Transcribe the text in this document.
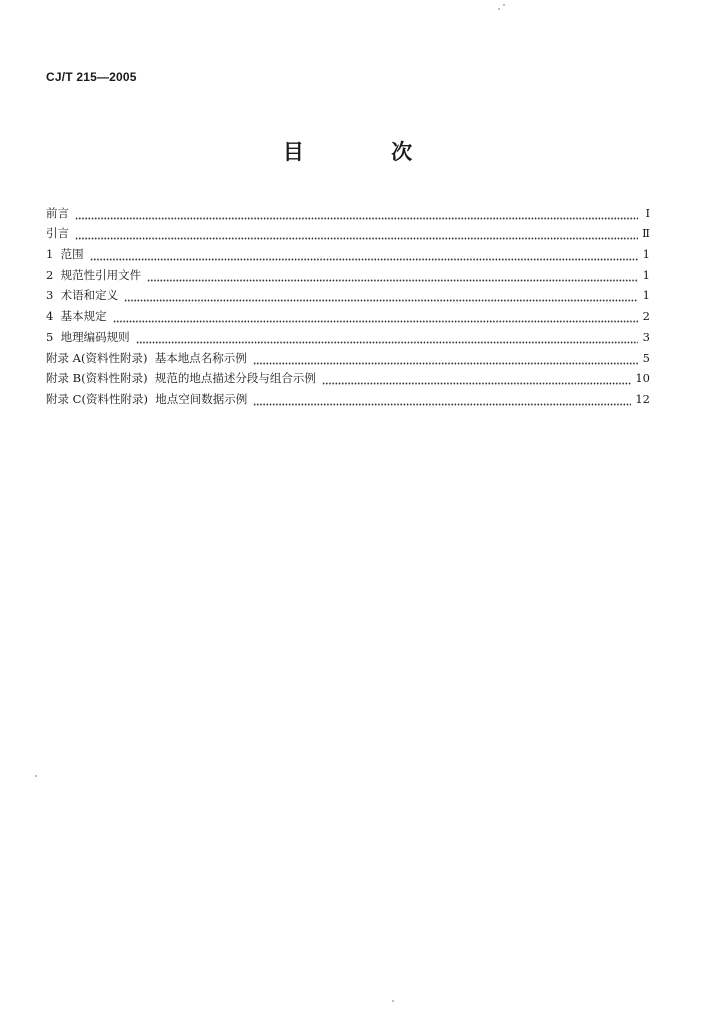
CJ/T 215—2005
目 次
前言	Ⅰ
引言	Ⅱ
1  范围	1
2  规范性引用文件	1
3  术语和定义	1
4  基本规定	2
5  地理编码规则	3
附录 A(资料性附录)  基本地点名称示例	5
附录 B(资料性附录)  规范的地点描述分段与组合示例	10
附录 C(资料性附录)  地点空间数据示例	12
